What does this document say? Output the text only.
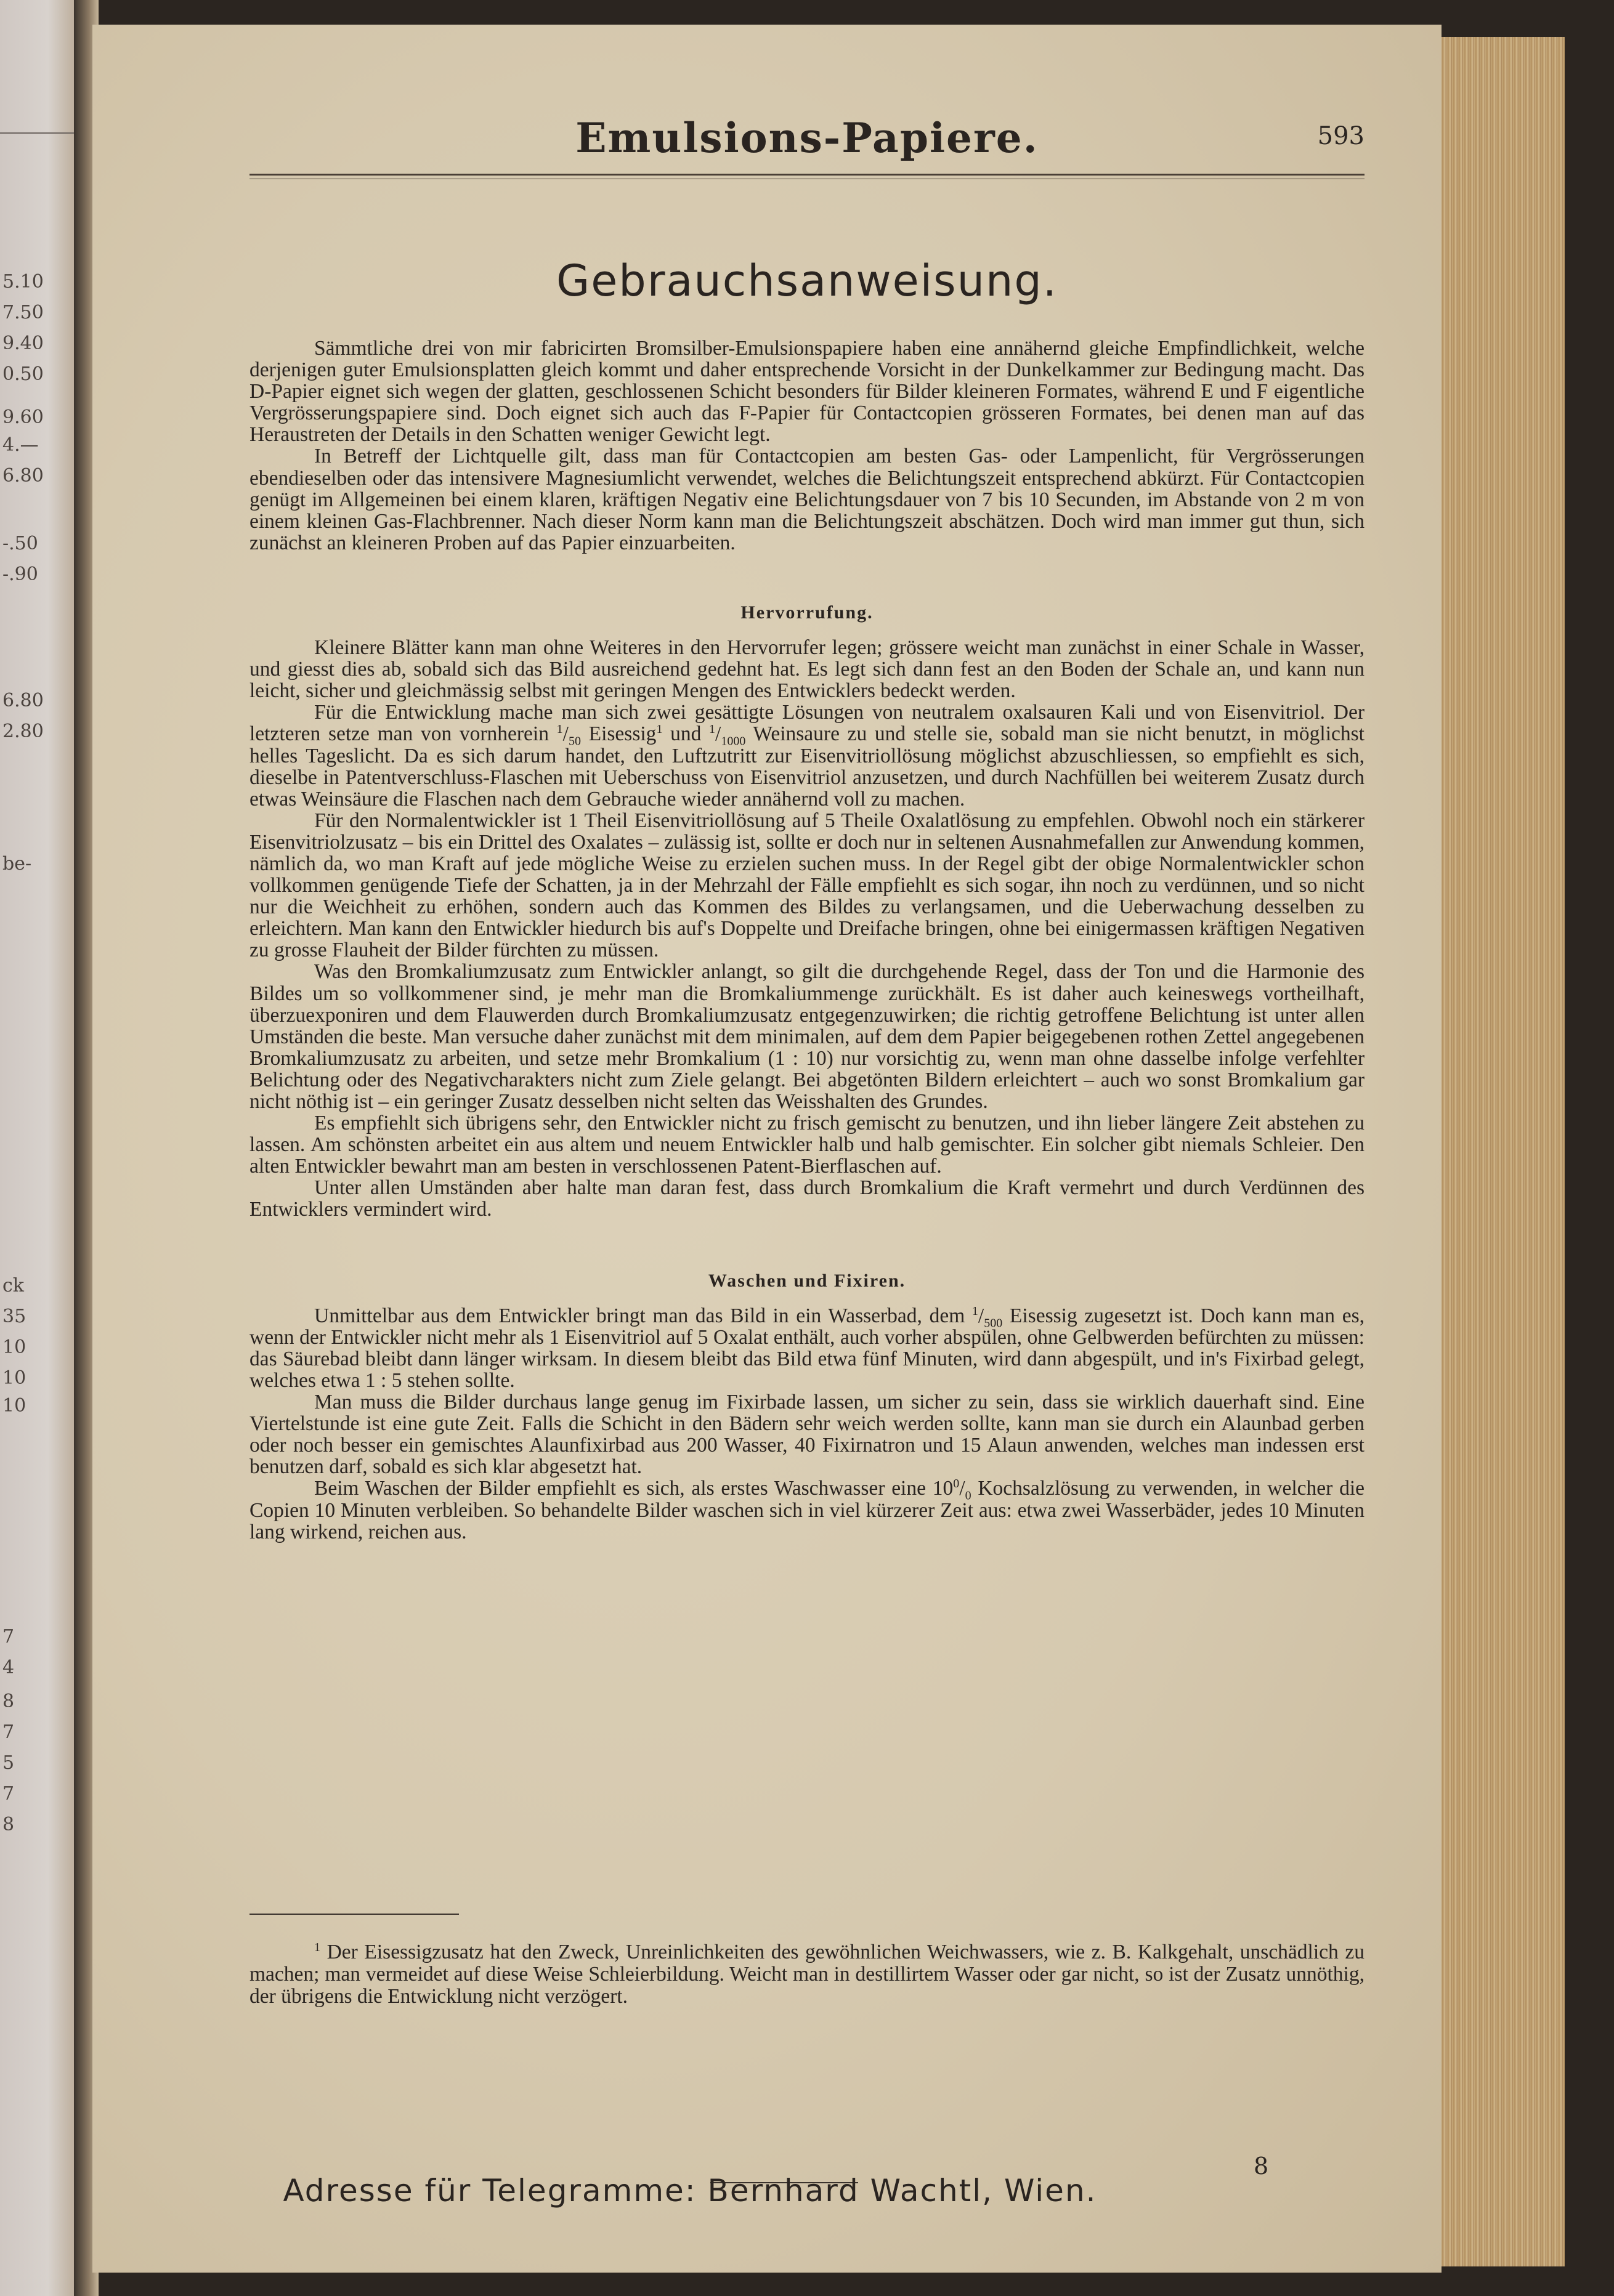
5.10
7.50
9.40
0.50
9.60
4.—
6.80
-.50
-.90
6.80
2.80
be-
ck
35
10
10
10
7
4
8
7
5
7
8
Emulsions-Papiere.	593
Gebrauchsanweisung.

Sämmtliche drei von mir fabricirten Bromsilber-Emulsionspapiere haben eine annähernd gleiche Empfindlichkeit, welche derjenigen guter Emulsionsplatten gleich kommt und daher entsprechende Vorsicht in der Dunkelkammer zur Bedingung macht. Das D-Papier eignet sich wegen der glatten, geschlossenen Schicht besonders für Bilder kleineren Formates, während E und F eigentliche Vergrösserungspapiere sind. Doch eignet sich auch das F-Papier für Contactcopien grösseren Formates, bei denen man auf das Heraustreten der Details in den Schatten weniger Gewicht legt.

In Betreff der Lichtquelle gilt, dass man für Contactcopien am besten Gas- oder Lampenlicht, für Vergrösserungen ebendieselben oder das intensivere Magnesiumlicht verwendet, welches die Belichtungszeit entsprechend abkürzt. Für Contactcopien genügt im Allgemeinen bei einem klaren, kräftigen Negativ eine Belichtungsdauer von 7 bis 10 Secunden, im Abstande von 2 m von einem kleinen Gas-Flachbrenner. Nach dieser Norm kann man die Belichtungszeit abschätzen. Doch wird man immer gut thun, sich zunächst an kleineren Proben auf das Papier einzuarbeiten.

Hervorrufung.

Kleinere Blätter kann man ohne Weiteres in den Hervorrufer legen; grössere weicht man zunächst in einer Schale in Wasser, und giesst dies ab, sobald sich das Bild ausreichend gedehnt hat. Es legt sich dann fest an den Boden der Schale an, und kann nun leicht, sicher und gleichmässig selbst mit geringen Mengen des Entwicklers bedeckt werden.

Für die Entwicklung mache man sich zwei gesättigte Lösungen von neutralem oxalsauren Kali und von Eisenvitriol. Der letzteren setze man von vornherein $^1/_{50}$ Eisessig$^1$ und $^1/_{1000}$ Weinsaure zu und stelle sie, sobald man sie nicht benutzt, in möglichst helles Tageslicht. Da es sich darum handet, den Luftzutritt zur Eisenvitriollösung möglichst abzuschliessen, so empfiehlt es sich, dieselbe in Patentverschluss-Flaschen mit Ueberschuss von Eisenvitriol anzusetzen, und durch Nachfüllen bei weiterem Zusatz durch etwas Weinsäure die Flaschen nach dem Gebrauche wieder annähernd voll zu machen.

Für den Normalentwickler ist 1 Theil Eisenvitriollösung auf 5 Theile Oxalatlösung zu empfehlen. Obwohl noch ein stärkerer Eisenvitriolzusatz – bis ein Drittel des Oxalates – zulässig ist, sollte er doch nur in seltenen Ausnahmefallen zur Anwendung kommen, nämlich da, wo man Kraft auf jede mögliche Weise zu erzielen suchen muss. In der Regel gibt der obige Normalentwickler schon vollkommen genügende Tiefe der Schatten, ja in der Mehrzahl der Fälle empfiehlt es sich sogar, ihn noch zu verdünnen, und so nicht nur die Weichheit zu erhöhen, sondern auch das Kommen des Bildes zu verlangsamen, und die Ueberwachung desselben zu erleichtern. Man kann den Entwickler hiedurch bis auf's Doppelte und Dreifache bringen, ohne bei einigermassen kräftigen Negativen zu grosse Flauheit der Bilder fürchten zu müssen.

Was den Bromkaliumzusatz zum Entwickler anlangt, so gilt die durchgehende Regel, dass der Ton und die Harmonie des Bildes um so vollkommener sind, je mehr man die Bromkaliummenge zurückhält. Es ist daher auch keineswegs vortheilhaft, überzuexponiren und dem Flauwerden durch Bromkaliumzusatz entgegenzuwirken; die richtig getroffene Belichtung ist unter allen Umständen die beste. Man versuche daher zunächst mit dem minimalen, auf dem dem Papier beigegebenen rothen Zettel angegebenen Bromkaliumzusatz zu arbeiten, und setze mehr Bromkalium (1 : 10) nur vorsichtig zu, wenn man ohne dasselbe infolge verfehlter Belichtung oder des Negativcharakters nicht zum Ziele gelangt. Bei abgetönten Bildern erleichtert – auch wo sonst Bromkalium gar nicht nöthig ist – ein geringer Zusatz desselben nicht selten das Weisshalten des Grundes.

Es empfiehlt sich übrigens sehr, den Entwickler nicht zu frisch gemischt zu benutzen, und ihn lieber längere Zeit abstehen zu lassen. Am schönsten arbeitet ein aus altem und neuem Entwickler halb und halb gemischter. Ein solcher gibt niemals Schleier. Den alten Entwickler bewahrt man am besten in verschlossenen Patent-Bierflaschen auf.

Unter allen Umständen aber halte man daran fest, dass durch Bromkalium die Kraft vermehrt und durch Verdünnen des Entwicklers vermindert wird.

Waschen und Fixiren.

Unmittelbar aus dem Entwickler bringt man das Bild in ein Wasserbad, dem $^1/_{500}$ Eisessig zugesetzt ist. Doch kann man es, wenn der Entwickler nicht mehr als 1 Eisenvitriol auf 5 Oxalat enthält, auch vorher abspülen, ohne Gelbwerden befürchten zu müssen: das Säurebad bleibt dann länger wirksam. In diesem bleibt das Bild etwa fünf Minuten, wird dann abgespült, und in's Fixirbad gelegt, welches etwa 1 : 5 stehen sollte.

Man muss die Bilder durchaus lange genug im Fixirbade lassen, um sicher zu sein, dass sie wirklich dauerhaft sind. Eine Viertelstunde ist eine gute Zeit. Falls die Schicht in den Bädern sehr weich werden sollte, kann man sie durch ein Alaunbad gerben oder noch besser ein gemischtes Alaunfixirbad aus 200 Wasser, 40 Fixirnatron und 15 Alaun anwenden, welches man indessen erst benutzen darf, sobald es sich klar abgesetzt hat.

Beim Waschen der Bilder empfiehlt es sich, als erstes Waschwasser eine $10^0/_0$ Kochsalzlösung zu verwenden, in welcher die Copien 10 Minuten verbleiben. So behandelte Bilder waschen sich in viel kürzerer Zeit aus: etwa zwei Wasserbäder, jedes 10 Minuten lang wirkend, reichen aus.

$^1$ Der Eisessigzusatz hat den Zweck, Unreinlichkeiten des gewöhnlichen Weichwassers, wie z. B. Kalkgehalt, unschädlich zu machen; man vermeidet auf diese Weise Schleierbildung. Weicht man in destillirtem Wasser oder gar nicht, so ist der Zusatz unnöthig, der übrigens die Entwicklung nicht verzögert.

8
Adresse für Telegramme: Bernhard Wachtl, Wien.
